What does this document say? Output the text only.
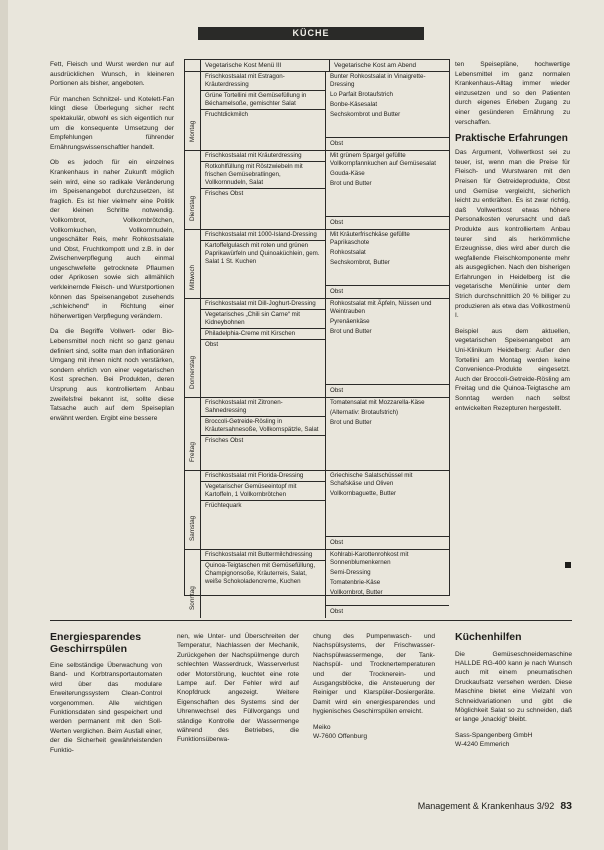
KÜCHE

Fett, Fleisch und Wurst werden nur auf ausdrücklichen Wunsch, in kleineren Portionen als bisher, angeboten.

Für manchen Schnitzel- und Kotelett-Fan klingt diese Überlegung sicher recht spektakulär, obwohl es sich eigentlich nur um die konsequente Umsetzung der Empfehlungen führender Ernährungswissenschaftler handelt.

Ob es jedoch für ein einzelnes Krankenhaus in naher Zukunft möglich sein wird, eine so radikale Veränderung im Speisenangebot durchzusetzen, ist fraglich. Es ist hier vielmehr eine Politik der kleinen Schritte notwendig. Vollkornbrot, Vollkornbrötchen, Vollkornkuchen, Vollkornnudeln, ungeschälter Reis, mehr Rohkostsalate und Obst, Fruchtkompott und z.B. in der Zwischenverpflegung auch einmal ungeschwefelte getrocknete Pflaumen oder Aprikosen sowie sich allmählich verkleinernde Fleisch- und Wurstportionen können das Speisenangebot zusehends „schleichend“ in Richtung einer höherwertigen Verpflegung verändern.

Da die Begriffe Vollwert- oder Bio-Lebensmittel noch nicht so ganz genau definiert sind, sollte man den inflationären Umgang mit ihnen nicht noch verstärken, sondern ehrlich von einer vegetarischen Kost sprechen. Bei Produkten, deren Ursprung aus kontrolliertem Anbau zweifelsfrei bekannt ist, sollte diese Tatsache auch auf dem Speiseplan erwähnt werden. Ergibt eine bessere

Vegetarische Kost Menü III	Vegetarische Kost am Abend
Montag
Frischkostsalat mit Estragon-Kräuterdressing
Grüne Tortellini mit Gemüsefüllung in Béchamelsoße, gemischter Salat
Fruchtdickmilch
Bunter Rohkostsalat in Vinaigrette-Dressing
Lo Parfait Brotaufstrich
Bonbe-Käsesalat
Sechskornbrot und Butter
Obst
Dienstag
Frischkostsalat mit Kräuterdressing
Rotkohlfüllung mit Röstzwiebeln mit frischen Gemüsebratlingen, Vollkornnudeln, Salat
Frisches Obst
Mit grünem Spargel gefüllte Vollkornpfannkuchen auf Gemüsesalat
Gouda-Käse
Brot und Butter
Obst
Mittwoch
Frischkostsalat mit 1000-Island-Dressing
Kartoffelgulasch mit roten und grünen Paprikawürfeln und Quinoaküchlein, gem. Salat 1 St. Kuchen
Mit Kräuterfrischkäse gefüllte Paprikaschote
Rohkostsalat
Sechskornbrot, Butter
Obst
Donnerstag
Frischkostsalat mit Dill-Joghurt-Dressing
Vegetarisches „Chili sin Carne“ mit Kidneybohnen
Philadelphia-Creme mit Kirschen
Obst
Rohkostsalat mit Äpfeln, Nüssen und Weintrauben
Pyrenäenkäse
Brot und Butter
Obst
Freitag
Frischkostsalat mit Zitronen-Sahnedressing
Broccoli-Getreide-Rösling in Kräutersahnesoße, Vollkornspätzle, Salat
Frisches Obst
Tomatensalat mit Mozzarella-Käse
(Alternativ: Brotaufstrich)
Brot und Butter
Samstag
Frischkostsalat mit Florida-Dressing
Vegetarischer Gemüseeintopf mit Kartoffeln, 1 Vollkornbrötchen
Früchtequark
Griechische Salatschüssel mit Schafskäse und Oliven
Vollkornbaguette, Butter
Obst
Sonntag
Frischkostsalat mit Buttermilchdressing
Quinoa-Teigtaschen mit Gemüsefüllung, Champignonsoße, Kräuterreis, Salat, weiße Schokoladencreme, Kuchen
Kohlrabi-Karottenrohkost mit Sonnenblumenkernen
Semi-Dressing
Tomatenbrie-Käse
Vollkornbrot, Butter
Obst

ten Speisepläne, hochwertige Lebensmittel im ganz normalen Krankenhaus-Alltag immer wieder einzusetzen und so den Patienten durch eigenes Erleben Zugang zu einer gesünderen Ernährung zu verschaffen.

Praktische Erfahrungen

Das Argument, Vollwertkost sei zu teuer, ist, wenn man die Preise für Fleisch- und Wurstwaren mit den Preisen für Getreideprodukte, Obst und Gemüse vergleicht, sicherlich leicht zu entkräften. Es ist zwar richtig, daß Vollwertkost etwas höhere Personalkosten verursacht und daß Produkte aus kontrolliertem Anbau teurer sind als herkömmliche Erzeugnisse, dies wird aber durch die wegfallende Fleischkomponente mehr als ausgeglichen. Nach den bisherigen Erfahrungen in Heidelberg ist die vegetarische Menülinie unter dem Strich durchschnittlich 20 % billiger zu produzieren als etwa das Vollkostmenü I.

Beispiel aus dem aktuellen, vegetarischen Speisenangebot am Uni-Klinikum Heidelberg: Außer den Tortellini am Montag werden keine Convenience-Produkte eingesetzt. Auch der Broccoli-Getreide-Rösling am Freitag und die Quinoa-Teigtasche am Sonntag werden nach selbst entwickelten Rezepturen hergestellt.

Energiesparendes Geschirrspülen

Eine selbständige Überwachung von Band- und Korbtransportautomaten wird über das modulare Erweiterungssystem Clean-Control vorgenommen. Alle wichtigen Funktionsdaten sind gespeichert und werden permanent mit den Soll-Werten verglichen. Beim Ausfall einer, der die Sicherheit gewährleistenden Funktio-

nen, wie Unter- und Überschreiten der Temperatur, Nachlassen der Mechanik, Zurückgehen der Nachspülmenge durch schlechten Wasserdruck, Wasserverlust oder Motorstörung, leuchtet eine rote Lampe auf. Der Fehler wird auf Knopfdruck angezeigt. Weitere Eigenschaften des Systems sind der Uhrenwechsel des Füllvorgangs und ständige Kontrolle der Wassermenge während des Betriebes, die Funktionsüberwa-

chung des Pumpenwasch- und Nachspülsystems, der Frischwasser-Nachspülwassermenge, der Tank-Nachspül- und Trocknertemperaturen und der Trocknerein- und Ausgangsblöcke, die Ansteuerung der Reiniger und Klarspüler-Dosiergeräte. Damit wird ein energiesparendes und hygienisches Geschirrspülen erreicht.

Meiko
W-7600 Offenburg

Küchenhilfen

Die Gemüseschneidemaschine HALLDE RG-400 kann je nach Wunsch auch mit einem pneumatischen Druckaufsatz versehen werden. Diese Maschine bietet eine Vielzahl von Schneidvariationen und gibt die Möglichkeit Salat so zu schneiden, daß er lange „knackig“ bleibt.

Sass-Spangenberg GmbH
W-4240 Emmerich

Management & Krankenhaus 3/92 83
